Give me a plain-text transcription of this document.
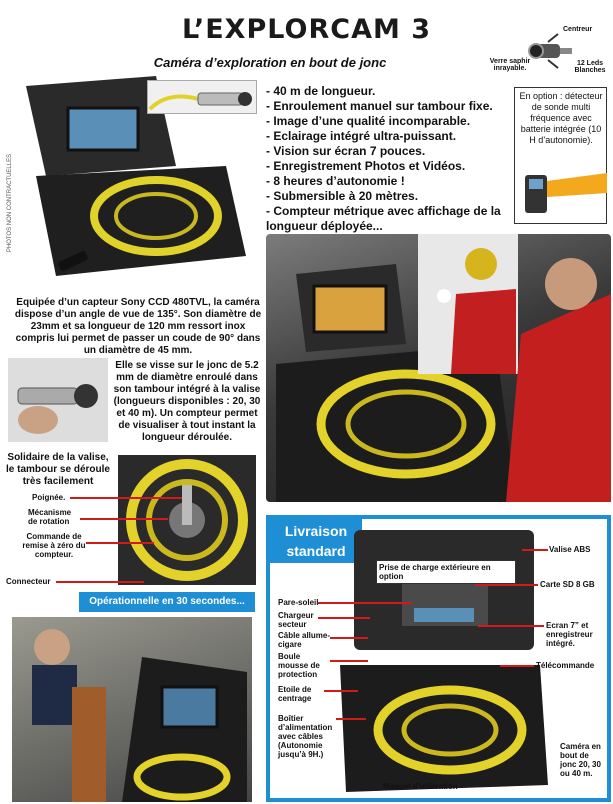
L’EXPLORCAM 3
Caméra d’exploration en bout de jonc
PHOTOS NON CONTRACTUELLES
Centreur
Verre saphir inrayable.
12 Leds Blanches
- 40 m de longueur.
- Enroulement manuel sur tambour fixe.
- Image d’une qualité incomparable.
- Eclairage intégré ultra-puissant.
- Vision sur écran 7 pouces.
- Enregistrement Photos et Vidéos.
- 8 heures d’autonomie !
- Submersible à 20 mètres.
- Compteur métrique avec affichage de la longueur déployée...
En option : détecteur de sonde multi fréquence avec batterie intégrée (10 H d’autonomie).
Equipée d’un capteur Sony CCD 480TVL, la caméra dispose d’un angle de vue de 135°. Son diamètre de 23mm et sa longueur de 120 mm ressort inox compris lui permet de passer un coude de 90° dans un diamètre de 45 mm.
Elle se visse sur le jonc de 5.2 mm de diamètre enroulé dans son tambour intégré à la valise (longueurs disponibles : 20, 30 et 40 m). Un compteur permet de visualiser à tout instant la longueur déroulée.
Solidaire de la valise, le tambour se déroule très facilement
Poignée.
Mécanisme de rotation
Commande de remise à zéro du compteur.
Connecteur
Opérationnelle en 30 secondes...
Livraison standard
Prise de charge extérieure en option
Valise ABS
Carte SD 8 GB
Ecran 7” et enregistreur intégré.
Télécommande
Caméra en bout de jonc 20, 30 ou 40 m.
Manuel d’utilisation
Pare-soleil
Chargeur secteur
Câble allume-cigare
Boule mousse de protection
Etoile de centrage
Boîtier d’alimentation avec câbles (Autonomie jusqu’à 9H.)
